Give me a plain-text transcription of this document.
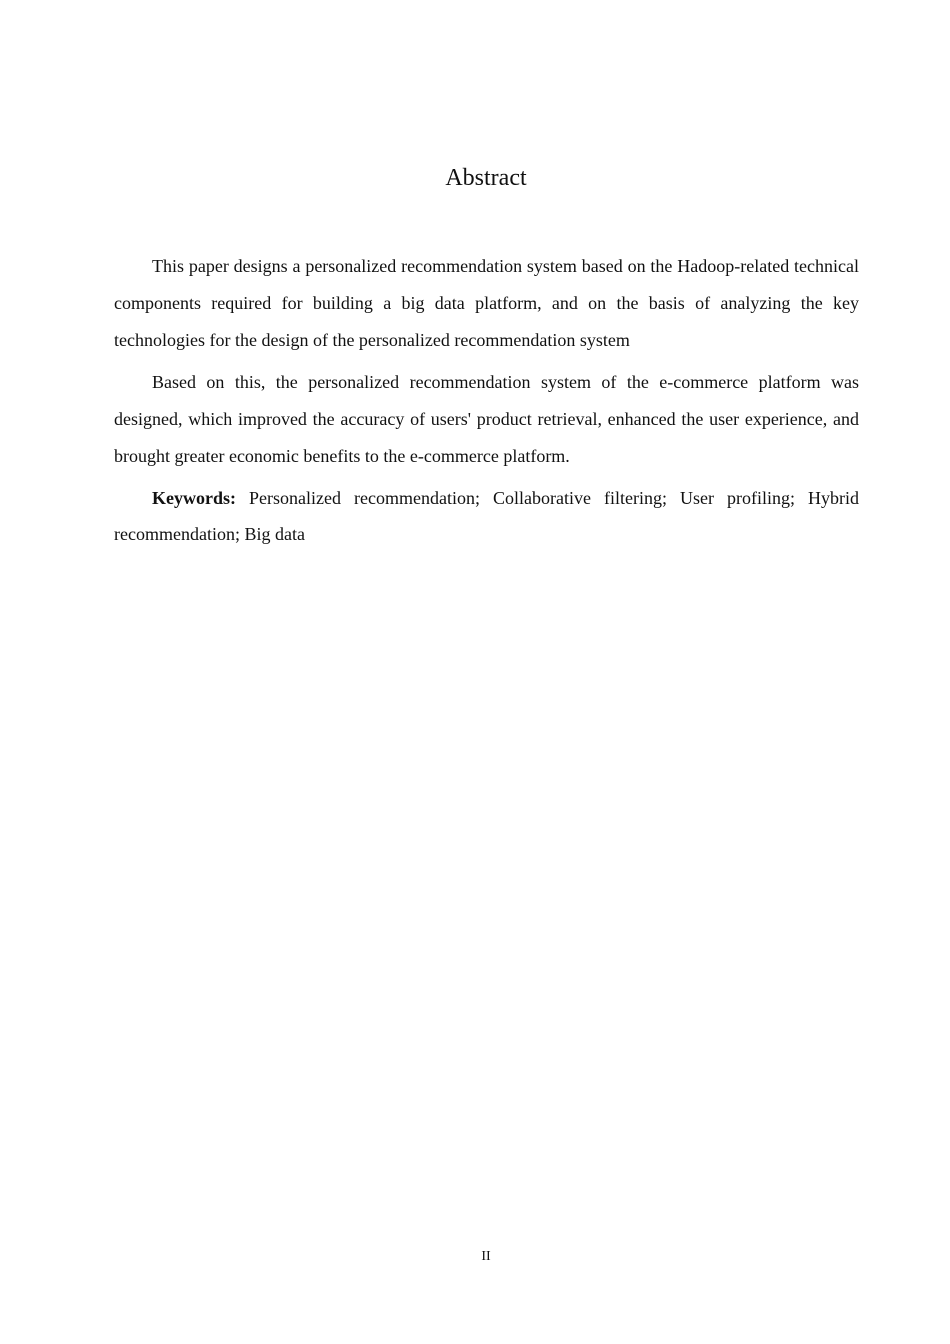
Abstract

This paper designs a personalized recommendation system based on the Hadoop-related technical components required for building a big data platform, and on the basis of analyzing the key technologies for the design of the personalized recommendation system

Based on this, the personalized recommendation system of the e-commerce platform was designed, which improved the accuracy of users' product retrieval, enhanced the user experience, and brought greater economic benefits to the e-commerce platform.

Keywords: Personalized recommendation; Collaborative filtering; User profiling; Hybrid recommendation; Big data

II
